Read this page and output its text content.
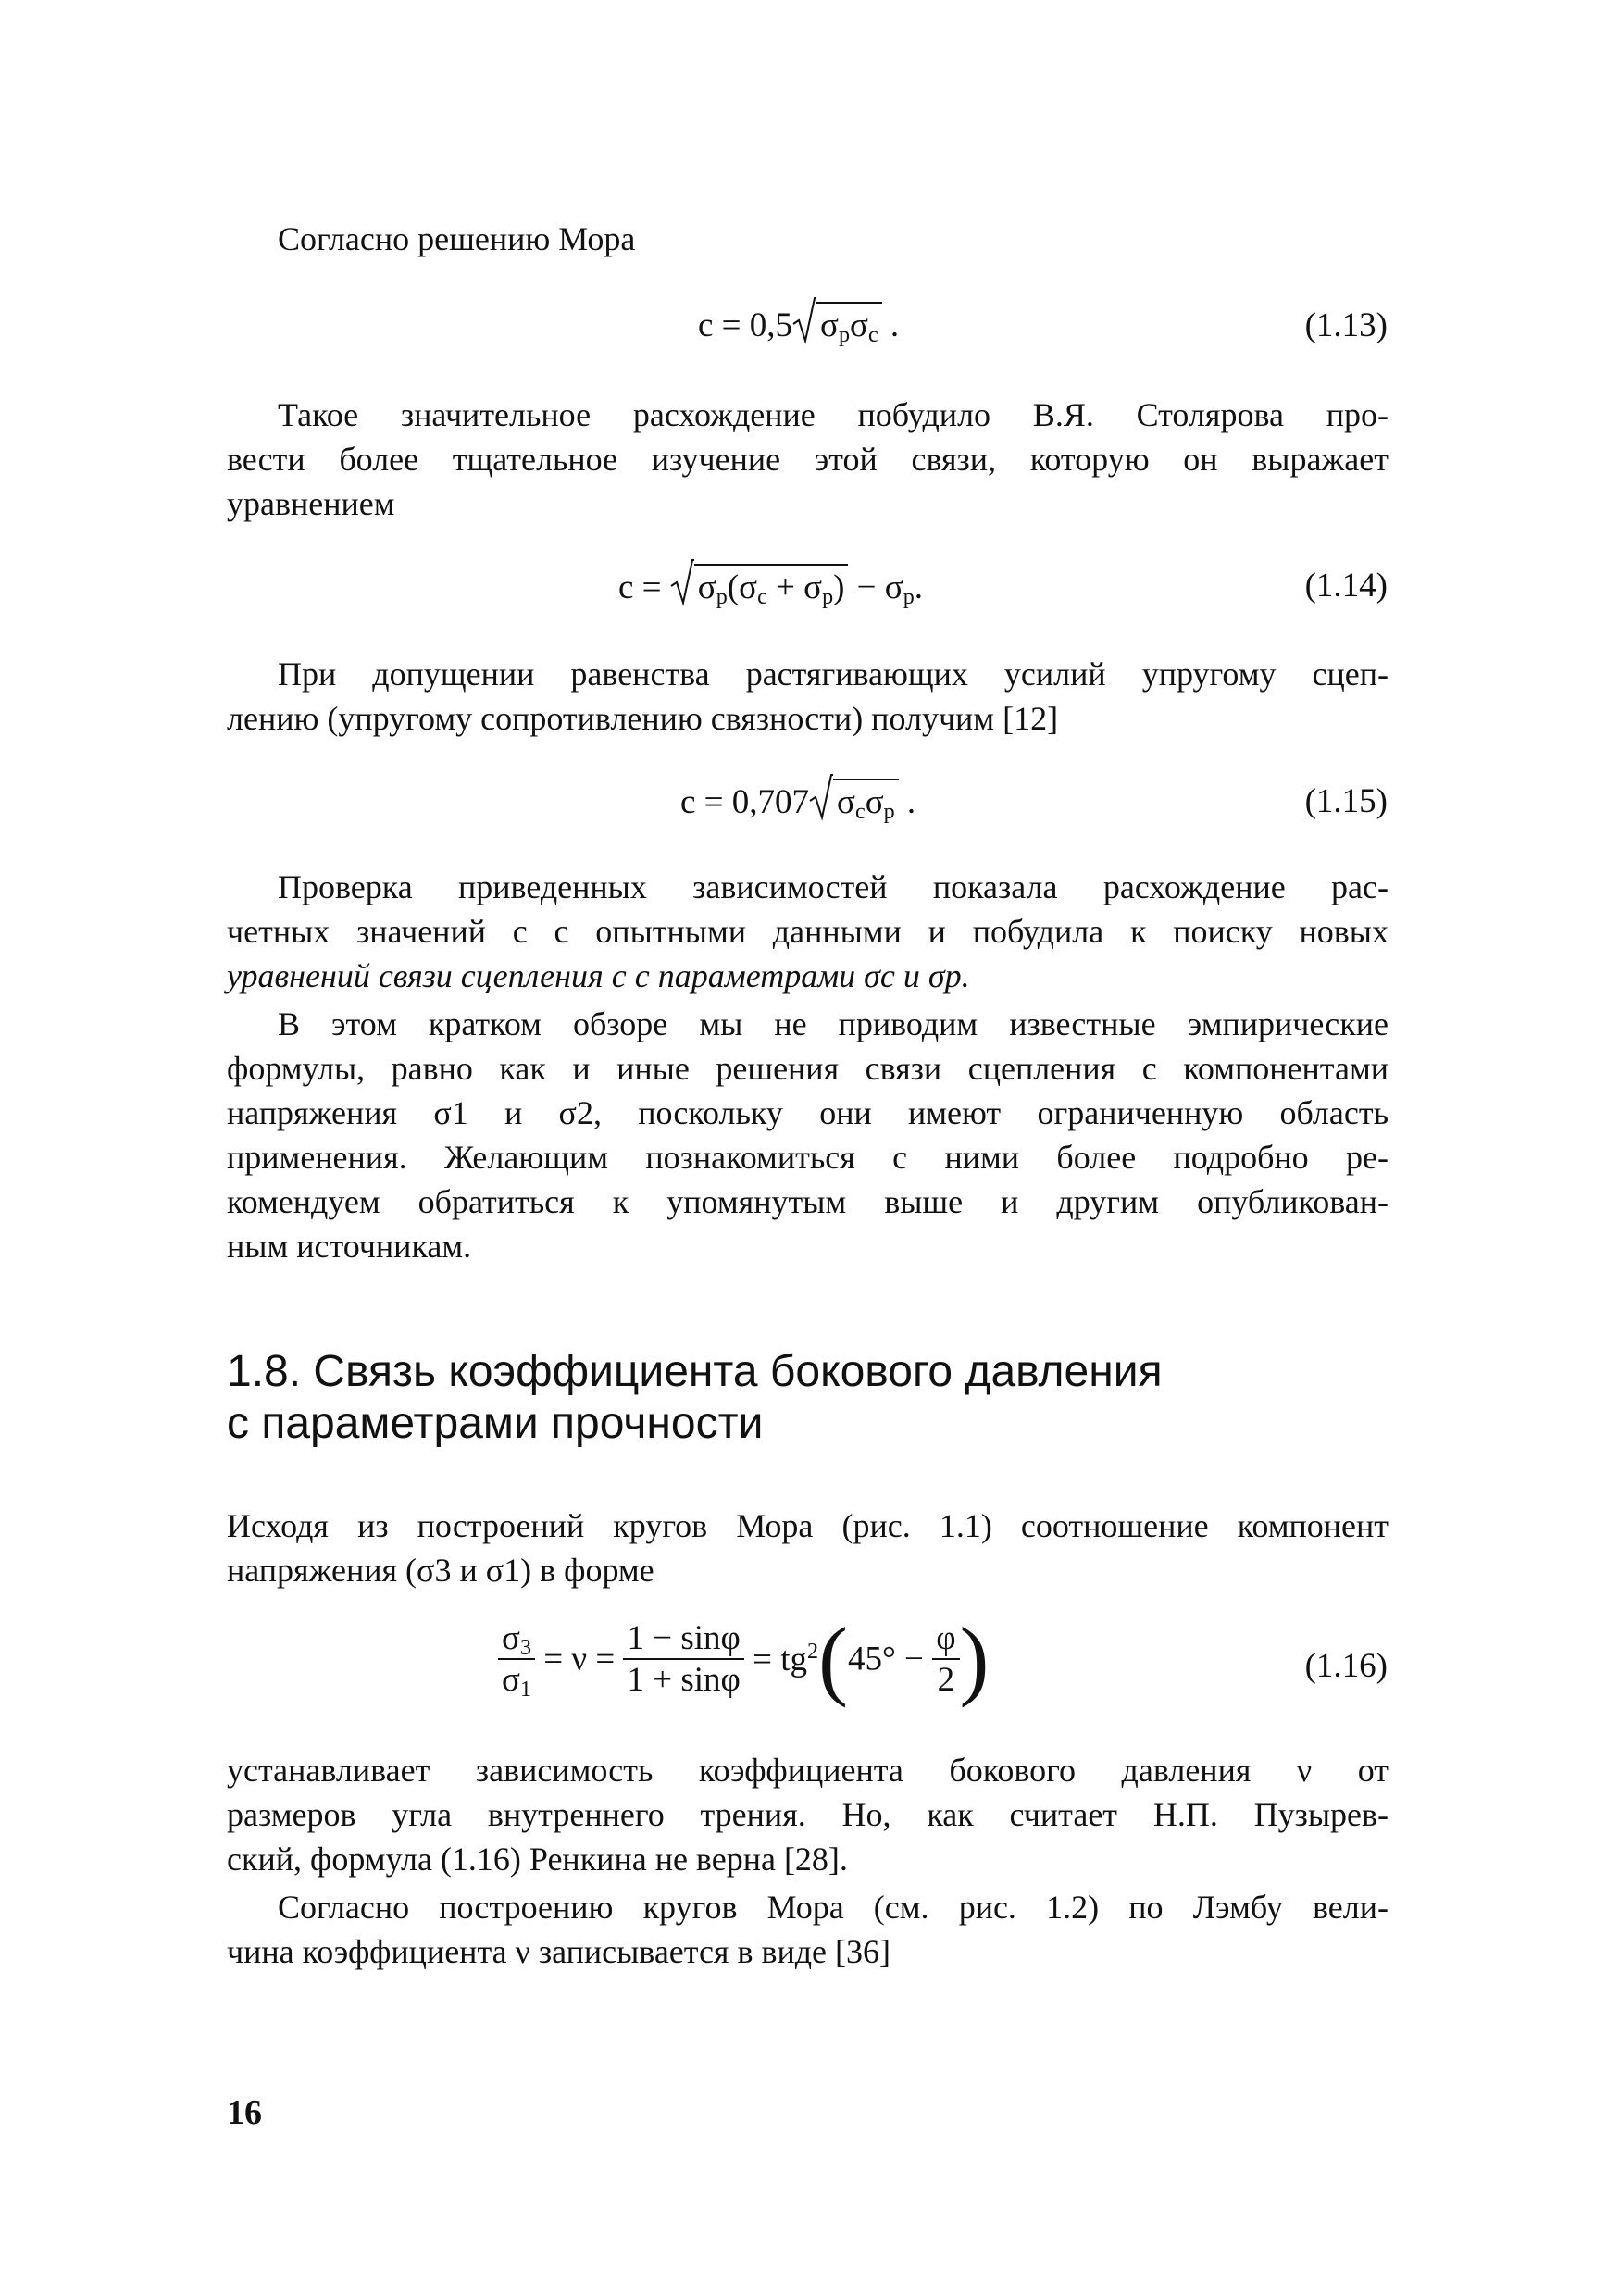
Согласно решению Мора
c = 0,5 $\sigma_p\sigma_c$ .	(1.13)
Такое значительное расхождение побудило В.Я. Столярова про-
вести более тщательное изучение этой связи, которую он выражает
уравнением
$c = \sigma_p(\sigma_c + \sigma_p) - \sigma_p$.	(1.14)
При допущении равенства растягивающих усилий упругому сцеп-
лению (упругому сопротивлению связности) получим [12]
c = 0,707 $\sigma_c\sigma_p$ .	(1.15)
Проверка приведенных зависимостей показала расхождение рас-
четных значений c с опытными данными и побудила к поиску новых
уравнений связи сцепления c с параметрами σc и σp.
В этом кратком обзоре мы не приводим известные эмпирические
формулы, равно как и иные решения связи сцепления с компонентами
напряжения σ1 и σ2, поскольку они имеют ограниченную область
применения. Желающим познакомиться с ними более подробно ре-
комендуем обратиться к упомянутым выше и другим опубликован-
ным источникам.
1.8. Связь коэффициента бокового давления
с параметрами прочности
Исходя из построений кругов Мора (рис. 1.1) соотношение компонент
напряжения (σ3 и σ1) в форме
$\frac{\sigma_3}{\sigma_1} = \nu = \frac{1 - \sin\varphi}{1 + \sin\varphi} = tg^2(45^\circ - \frac{\varphi}{2}$ )	(1.16)
устанавливает зависимость коэффициента бокового давления ν от
размеров угла внутреннего трения. Но, как считает Н.П. Пузырев-
ский, формула (1.16) Ренкина не верна [28].
Согласно построению кругов Мора (см. рис. 1.2) по Лэмбу вели-
чина коэффициента ν записывается в виде [36]
16
